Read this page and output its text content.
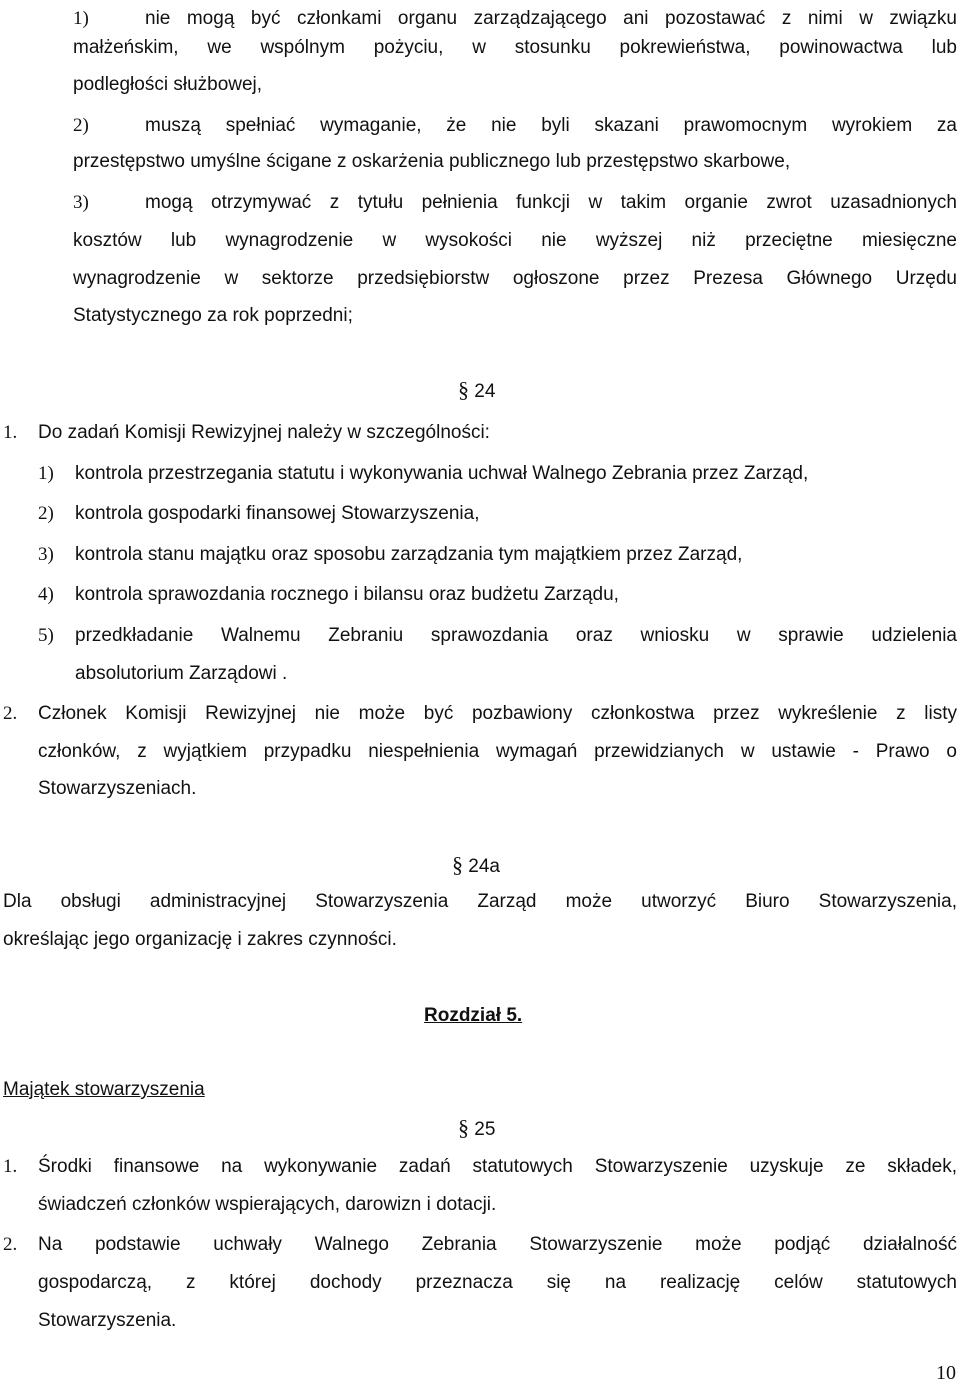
1)	nie mogą być członkami organu zarządzającego ani pozostawać z nimi w związku
małżeńskim, we wspólnym pożyciu, w stosunku pokrewieństwa, powinowactwa lub
podległości służbowej,
2)	muszą spełniać wymaganie, że nie byli skazani prawomocnym wyrokiem za
przestępstwo umyślne ścigane z oskarżenia publicznego lub przestępstwo skarbowe,
3)	mogą otrzymywać z tytułu pełnienia funkcji w takim organie zwrot uzasadnionych
kosztów lub wynagrodzenie w wysokości nie wyższej niż przeciętne miesięczne
wynagrodzenie w sektorze przedsiębiorstw ogłoszone przez Prezesa Głównego Urzędu
Statystycznego za rok poprzedni;
§ 24
1. Do zadań Komisji Rewizyjnej należy w szczególności:
1) kontrola przestrzegania statutu i wykonywania uchwał Walnego Zebrania przez Zarząd,
2) kontrola gospodarki finansowej Stowarzyszenia,
3) kontrola stanu majątku oraz sposobu zarządzania tym majątkiem przez Zarząd,
4) kontrola sprawozdania rocznego i bilansu oraz budżetu Zarządu,
5) przedkładanie Walnemu Zebraniu sprawozdania oraz wniosku w sprawie udzielenia
absolutorium Zarządowi .
2. Członek Komisji Rewizyjnej nie może być pozbawiony członkostwa przez wykreślenie z listy
członków, z wyjątkiem przypadku niespełnienia wymagań przewidzianych w ustawie - Prawo o
Stowarzyszeniach.
§ 24a
Dla obsługi administracyjnej Stowarzyszenia Zarząd może utworzyć Biuro Stowarzyszenia,
określając jego organizację i zakres czynności.
Rozdział 5.
Majątek stowarzyszenia
§ 25
1. Środki finansowe na wykonywanie zadań statutowych Stowarzyszenie uzyskuje ze składek,
świadczeń członków wspierających, darowizn i dotacji.
2. Na podstawie uchwały Walnego Zebrania Stowarzyszenie może podjąć działalność
gospodarczą, z której dochody przeznacza się na realizację celów statutowych
Stowarzyszenia.
10
